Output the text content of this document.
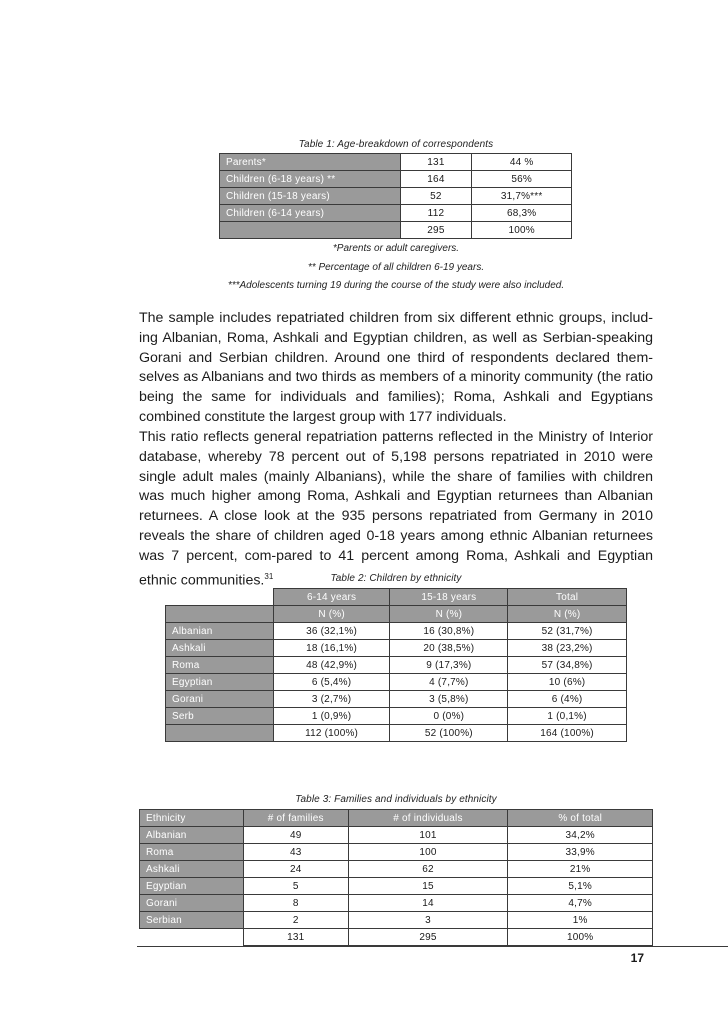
Table 1: Age-breakdown of correspondents
Parents*	131	44 %
Children (6-18 years) **	164	56%
Children (15-18 years)	52	31,7%***
Children (6-14 years)	112	68,3%
	295	100%
*Parents or adult caregivers.
** Percentage of all children 6-19 years.
***Adolescents turning 19 during the course of the study were also included.
The sample includes repatriated children from six different ethnic groups, includ-ing Albanian, Roma, Ashkali and Egyptian children, as well as Serbian-speaking Gorani and Serbian children. Around one third of respondents declared them-selves as Albanians and two thirds as members of a minority community (the ratio being the same for individuals and families); Roma, Ashkali and Egyptians combined constitute the largest group with 177 individuals.
This ratio reflects general repatriation patterns reflected in the Ministry of Interior database, whereby 78 percent out of 5,198 persons repatriated in 2010 were single adult males (mainly Albanians), while the share of families with children was much higher among Roma, Ashkali and Egyptian returnees than Albanian returnees. A close look at the 935 persons repatriated from Germany in 2010 reveals the share of children aged 0-18 years among ethnic Albanian returnees was 7 percent, com-pared to 41 percent among Roma, Ashkali and Egyptian ethnic communities.$^{31}$	Table 2: Children by ethnicity
	6-14 years	15-18 years	Total
	N (%)	N (%)	N (%)
Albanian	36 (32,1%)	16 (30,8%)	52 (31,7%)
Ashkali	18 (16,1%)	20 (38,5%)	38 (23,2%)
Roma	48 (42,9%)	9 (17,3%)	57 (34,8%)
Egyptian	6 (5,4%)	4 (7,7%)	10 (6%)
Gorani	3 (2,7%)	3 (5,8%)	6 (4%)
Serb	1 (0,9%)	0 (0%)	1 (0,1%)
	112 (100%)	52 (100%)	164 (100%)
Table 3: Families and individuals by ethnicity
Ethnicity	# of families	# of individuals	% of total
Albanian	49	101	34,2%
Roma	43	100	33,9%
Ashkali	24	62	21%
Egyptian	5	15	5,1%
Gorani	8	14	4,7%
Serbian	2	3	1%
	131	295	100%
17
